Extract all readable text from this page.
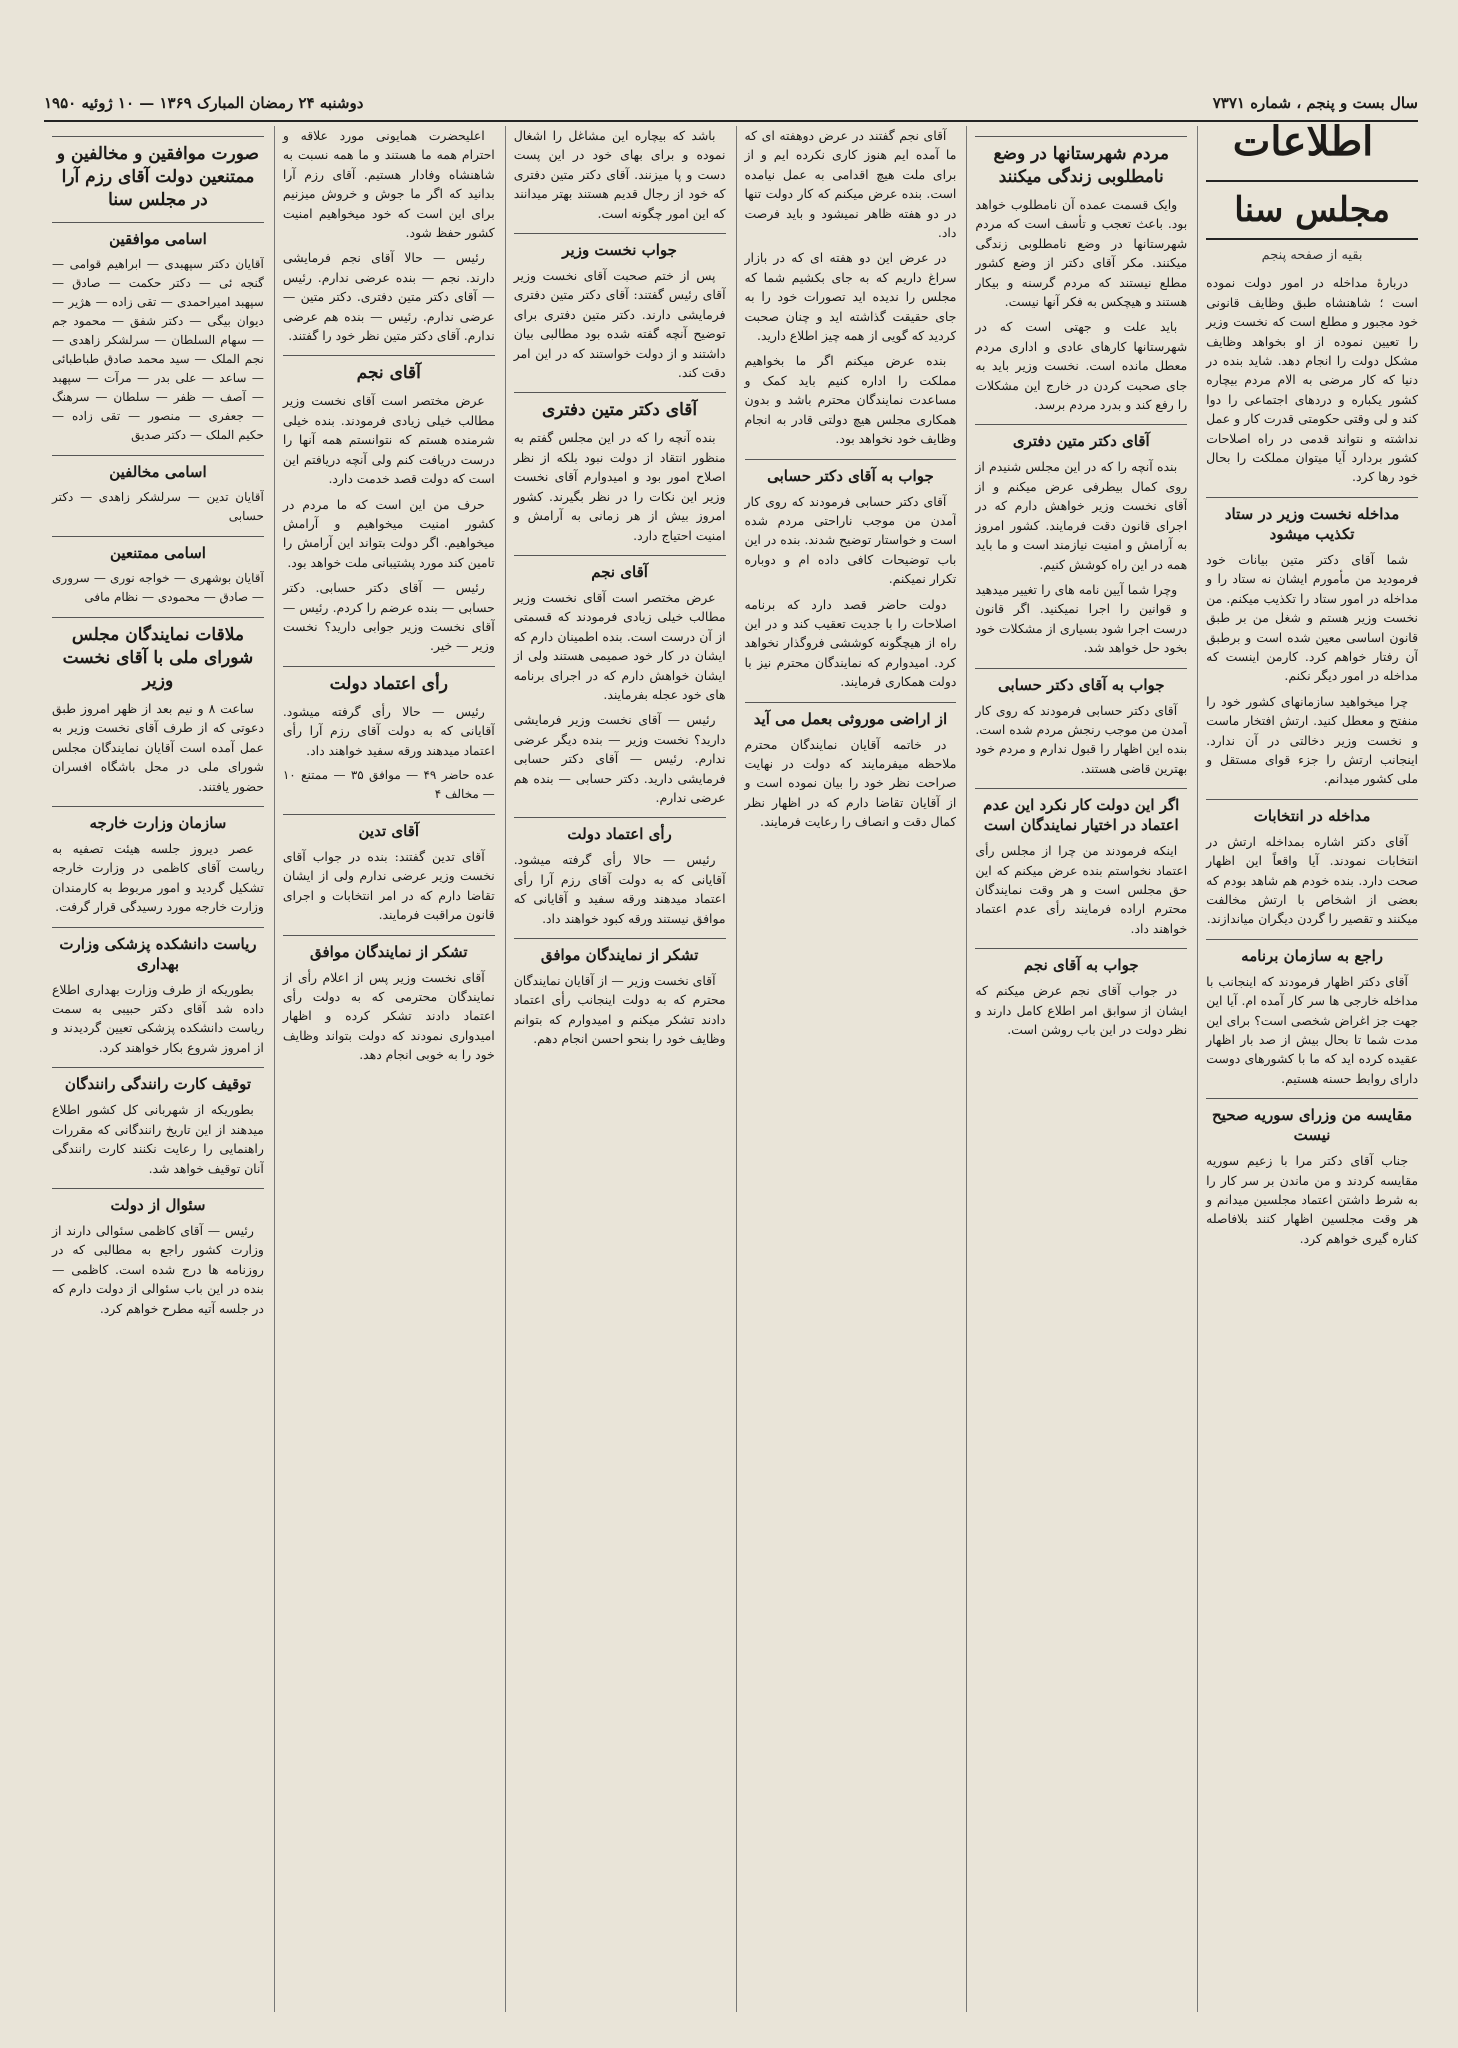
سال بست و پنجم ، شماره ۷۳۷۱
دوشنبه ۲۴ رمضان المبارک ۱۳۶۹ — ۱۰ ژوئیه ۱۹۵۰
اطلاعات
مجلس سنا
بقیه از صفحه پنجم

دربارهٔ مداخله در امور دولت نموده است ؛ شاهنشاه طبق وظایف قانونی خود مجبور و مطلع است که نخست وزیر را تعیین نموده از او بخواهد وظایف مشکل دولت را انجام دهد. شاید بنده در دنیا که کار مرضی به الام مردم بیچاره کشور یکباره و دردهای اجتماعی را دوا کند و لی وقتی حکومتی قدرت کار و عمل نداشته و نتواند قدمی در راه اصلاحات کشور بردارد آیا میتوان مملکت را بحال خود رها کرد.

مداخله نخست وزیر در ستاد تکذیب میشود

شما آقای دکتر متین بیانات خود فرمودید من مأمورم ایشان نه ستاد را و مداخله در امور ستاد را تکذیب میکنم. من نخست وزیر هستم و شغل من بر طبق قانون اساسی معین شده است و برطبق آن رفتار خواهم کرد. کارمن اینست که مداخله در امور دیگر نکنم.

چرا میخواهید سازمانهای کشور خود را منفتح و معطل کنید. ارتش افتخار ماست و نخست وزیر دخالتی در آن ندارد. اینجانب ارتش را جزء قوای مستقل و ملی کشور میدانم.

مداخله در انتخابات

آقای دکتر اشاره بمداخله ارتش در انتخابات نمودند. آیا واقعاً این اظهار صحت دارد. بنده خودم هم شاهد بودم که بعضی از اشخاص با ارتش مخالفت میکنند و تقصیر را گردن دیگران میاندازند.

راجع به سازمان برنامه

آقای دکتر اظهار فرمودند که اینجانب با مداخله خارجی ها سر کار آمده ام. آیا این جهت جز اغراض شخصی است؟ برای این مدت شما تا بحال بیش از صد بار اظهار عقیده کرده اید که ما با کشورهای دوست دارای روابط حسنه هستیم.

مقایسه من وزرای سوریه صحیح نیست

جناب آقای دکتر مرا با زعیم سوریه مقایسه کردند و من ماندن بر سر کار را به شرط داشتن اعتماد مجلسین میدانم و هر وقت مجلسین اظهار کنند بلافاصله کناره گیری خواهم کرد.

مردم شهرستانها در وضع نامطلوبی زندگی میکنند

وایک قسمت عمده آن نامطلوب خواهد بود. باعث تعجب و تأسف است که مردم شهرستانها در وضع نامطلوبی زندگی میکنند. مکر آقای دکتر از وضع کشور مطلع نیستند که مردم گرسنه و بیکار هستند و هیچکس به فکر آنها نیست.

باید علت و جهتی است که در شهرستانها کارهای عادی و اداری مردم معطل مانده است. نخست وزیر باید به جای صحبت کردن در خارج این مشکلات را رفع کند و بدرد مردم برسد.

آقای دکتر متین دفتری

بنده آنچه را که در این مجلس شنیدم از روی کمال بیطرفی عرض میکنم و از آقای نخست وزیر خواهش دارم که در اجرای قانون دقت فرمایند. کشور امروز به آرامش و امنیت نیازمند است و ما باید همه در این راه کوشش کنیم.

وچرا شما آیین نامه های را تغییر میدهید و قوانین را اجرا نمیکنید. اگر قانون درست اجرا شود بسیاری از مشکلات خود بخود حل خواهد شد.

جواب به آقای دکتر حسابی

آقای دکتر حسابی فرمودند که روی کار آمدن من موجب رنجش مردم شده است. بنده این اظهار را قبول ندارم و مردم خود بهترین قاضی هستند.

اگر این دولت کار نکرد این عدم اعتماد در اختیار نمایندگان است

اینکه فرمودند من چرا از مجلس رأی اعتماد نخواستم بنده عرض میکنم که این حق مجلس است و هر وقت نمایندگان محترم اراده فرمایند رأی عدم اعتماد خواهند داد.

جواب به آقای نجم

در جواب آقای نجم عرض میکنم که ایشان از سوابق امر اطلاع کامل دارند و نظر دولت در این باب روشن است.

آقای نجم گفتند در عرض دوهفته ای که ما آمده ایم هنوز کاری نکرده ایم و از برای ملت هیچ اقدامی به عمل نیامده است. بنده عرض میکنم که کار دولت تنها در دو هفته ظاهر نمیشود و باید فرصت داد.

در عرض این دو هفته ای که در بازار سراغ داریم که به جای بکشیم شما که مجلس را ندیده اید تصورات خود را به جای حقیقت گذاشته اید و چنان صحبت کردید که گویی از همه چیز اطلاع دارید.

بنده عرض میکنم اگر ما بخواهیم مملکت را اداره کنیم باید کمک و مساعدت نمایندگان محترم باشد و بدون همکاری مجلس هیچ دولتی قادر به انجام وظایف خود نخواهد بود.

جواب به آقای دکتر حسابی

آقای دکتر حسابی فرمودند که روی کار آمدن من موجب ناراحتی مردم شده است و خواستار توضیح شدند. بنده در این باب توضیحات کافی داده ام و دوباره تکرار نمیکنم.

دولت حاضر قصد دارد که برنامه اصلاحات را با جدیت تعقیب کند و در این راه از هیچگونه کوششی فروگذار نخواهد کرد. امیدوارم که نمایندگان محترم نیز با دولت همکاری فرمایند.

از اراضی موروثی بعمل می آید

در خاتمه آقایان نمایندگان محترم ملاحظه میفرمایند که دولت در نهایت صراحت نظر خود را بیان نموده است و از آقایان تقاضا دارم که در اظهار نظر کمال دقت و انصاف را رعایت فرمایند.

باشد که بیچاره این مشاغل را اشغال نموده و برای بهای خود در این پست دست و پا میزنند. آقای دکتر متین دفتری که خود از رجال قدیم هستند بهتر میدانند که این امور چگونه است.

جواب نخست وزیر

پس از ختم صحبت آقای نخست وزیر آقای رئیس گفتند: آقای دکتر متین دفتری فرمایشی دارند. دکتر متین دفتری برای توضیح آنچه گفته شده بود مطالبی بیان داشتند و از دولت خواستند که در این امر دقت کند.

آقای دکتر متین دفتری

بنده آنچه را که در این مجلس گفتم به منظور انتقاد از دولت نبود بلکه از نظر اصلاح امور بود و امیدوارم آقای نخست وزیر این نکات را در نظر بگیرند. کشور امروز بیش از هر زمانی به آرامش و امنیت احتیاج دارد.

آقای نجم

عرض مختصر است آقای نخست وزیر مطالب خیلی زیادی فرمودند که قسمتی از آن درست است. بنده اطمینان دارم که ایشان در کار خود صمیمی هستند ولی از ایشان خواهش دارم که در اجرای برنامه های خود عجله بفرمایند.

رئیس — آقای نخست وزیر فرمایشی دارید؟ نخست وزیر — بنده دیگر عرضی ندارم. رئیس — آقای دکتر حسابی فرمایشی دارید. دکتر حسابی — بنده هم عرضی ندارم.

رأی اعتماد دولت

رئیس — حالا رأی گرفته میشود. آقایانی که به دولت آقای رزم آرا رأی اعتماد میدهند ورقه سفید و آقایانی که موافق نیستند ورقه کبود خواهند داد.

تشکر از نمایندگان موافق

آقای نخست وزیر — از آقایان نمایندگان محترم که به دولت اینجانب رأی اعتماد دادند تشکر میکنم و امیدوارم که بتوانم وظایف خود را بنحو احسن انجام دهم.

اعلیحضرت همایونی مورد علاقه و احترام همه ما هستند و ما همه نسبت به شاهنشاه وفادار هستیم. آقای رزم آرا بدانید که اگر ما جوش و خروش میزنیم برای این است که خود میخواهیم امنیت کشور حفظ شود.

رئیس — حالا آقای نجم فرمایشی دارند. نجم — بنده عرضی ندارم. رئیس — آقای دکتر متین دفتری. دکتر متین — عرضی ندارم. رئیس — بنده هم عرضی ندارم. آقای دکتر متین نظر خود را گفتند.

آقای نجم

عرض مختصر است آقای نخست وزیر مطالب خیلی زیادی فرمودند. بنده خیلی شرمنده هستم که نتوانستم همه آنها را درست دریافت کنم ولی آنچه دریافتم این است که دولت قصد خدمت دارد.

حرف من این است که ما مردم در کشور امنیت میخواهیم و آرامش میخواهیم. اگر دولت بتواند این آرامش را تامین کند مورد پشتیبانی ملت خواهد بود.

رئیس — آقای دکتر حسابی. دکتر حسابی — بنده عرضم را کردم. رئیس — آقای نخست وزیر جوابی دارید؟ نخست وزیر — خیر.

رأی اعتماد دولت

رئیس — حالا رأی گرفته میشود. آقایانی که به دولت آقای رزم آرا رأی اعتماد میدهند ورقه سفید خواهند داد.

عده حاضر ۴۹ — موافق ۳۵ — ممتنع ۱۰ — مخالف ۴
آقای تدین

آقای تدین گفتند: بنده در جواب آقای نخست وزیر عرضی ندارم ولی از ایشان تقاضا دارم که در امر انتخابات و اجرای قانون مراقبت فرمایند.

تشکر از نمایندگان موافق

آقای نخست وزیر پس از اعلام رأی از نمایندگان محترمی که به دولت رأی اعتماد دادند تشکر کرده و اظهار امیدواری نمودند که دولت بتواند وظایف خود را به خوبی انجام دهد.

صورت موافقین و مخالفین و ممتنعین دولت آقای رزم آرا در مجلس سنا
اسامی موافقین
آقایان دکتر سپهبدی — ابراهیم قوامی — گنجه ئی — دکتر حکمت — صادق — سپهبد امیراحمدی — تقی زاده — هژیر — دیوان بیگی — دکتر شفق — محمود جم — سهام السلطان — سرلشکر زاهدی — نجم الملک — سید محمد صادق طباطبائی — ساعد — علی بدر — مرآت — سپهبد — آصف — ظفر — سلطان — سرهنگ — جعفری — منصور — تقی زاده — حکیم الملک — دکتر صدیق
اسامی مخالفین
آقایان تدین — سرلشکر زاهدی — دکتر حسابی
اسامی ممتنعین
آقایان بوشهری — خواجه نوری — سروری — صادق — محمودی — نظام مافی
ملاقات نمایندگان مجلس شورای ملی با آقای نخست وزیر

ساعت ۸ و نیم بعد از ظهر امروز طبق دعوتی که از طرف آقای نخست وزیر به عمل آمده است آقایان نمایندگان مجلس شورای ملی در محل باشگاه افسران حضور یافتند.

سازمان وزارت خارجه

عصر دیروز جلسه هیئت تصفیه به ریاست آقای کاظمی در وزارت خارجه تشکیل گردید و امور مربوط به کارمندان وزارت خارجه مورد رسیدگی قرار گرفت.

ریاست دانشکده پزشکی وزارت بهداری

بطوریکه از طرف وزارت بهداری اطلاع داده شد آقای دکتر حبیبی به سمت ریاست دانشکده پزشکی تعیین گردیدند و از امروز شروع بکار خواهند کرد.

توقیف کارت رانندگی رانندگان

بطوریکه از شهربانی کل کشور اطلاع میدهند از این تاریخ رانندگانی که مقررات راهنمایی را رعایت نکنند کارت رانندگی آنان توقیف خواهد شد.

سئوال از دولت

رئیس — آقای کاظمی سئوالی دارند از وزارت کشور راجع به مطالبی که در روزنامه ها درج شده است. کاظمی — بنده در این باب سئوالی از دولت دارم که در جلسه آتیه مطرح خواهم کرد.
